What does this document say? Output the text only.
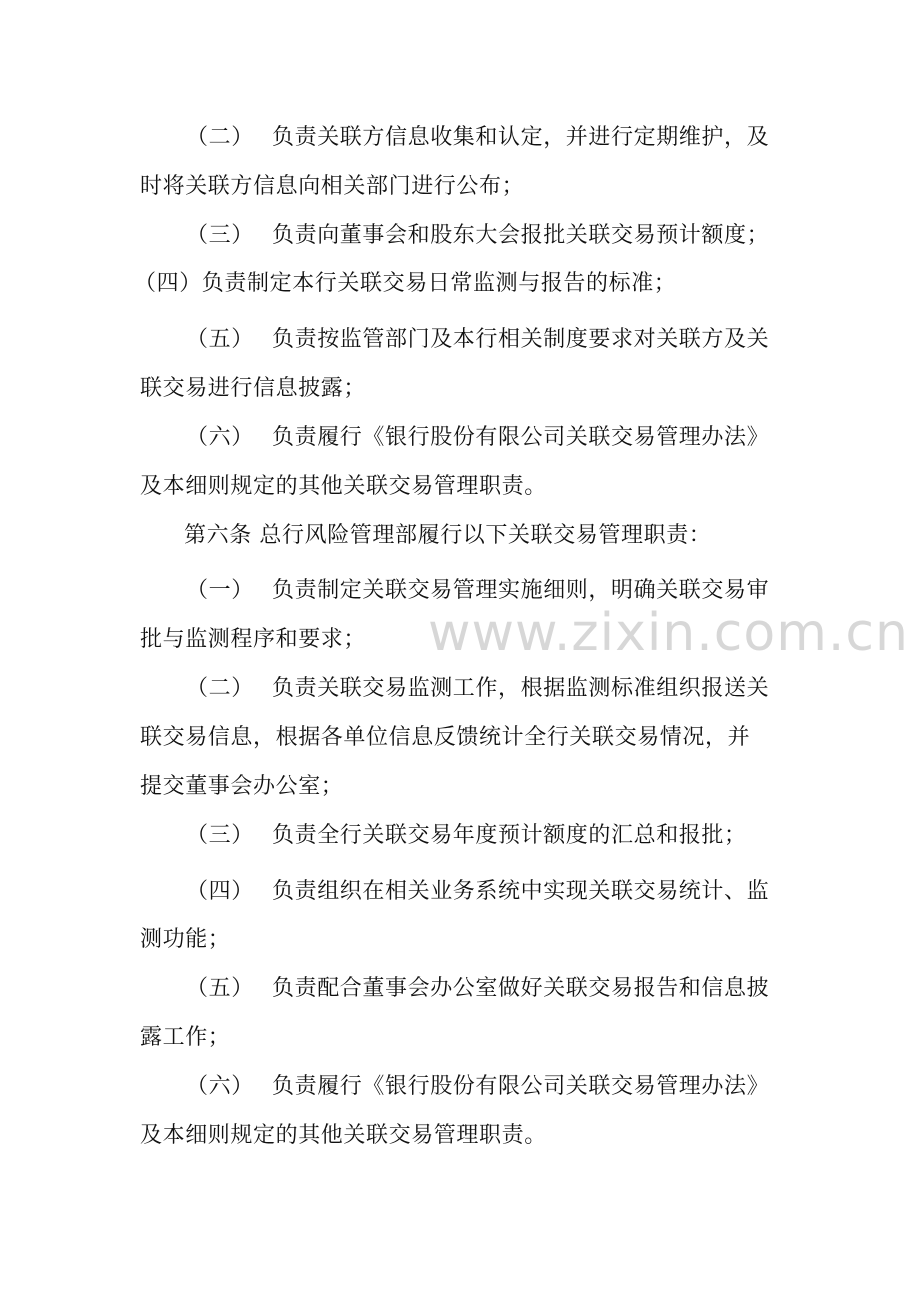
（二） 负责关联方信息收集和认定，并进行定期维护，及
时将关联方信息向相关部门进行公布；
（三） 负责向董事会和股东大会报批关联交易预计额度；
（四）负责制定本行关联交易日常监测与报告的标准；
（五） 负责按监管部门及本行相关制度要求对关联方及关
联交易进行信息披露；
（六） 负责履行《银行股份有限公司关联交易管理办法》
及本细则规定的其他关联交易管理职责。
第六条 总行风险管理部履行以下关联交易管理职责：
（一） 负责制定关联交易管理实施细则，明确关联交易审
批与监测程序和要求；
（二） 负责关联交易监测工作，根据监测标准组织报送关
联交易信息，根据各单位信息反馈统计全行关联交易情况，并
提交董事会办公室；
（三） 负责全行关联交易年度预计额度的汇总和报批；
（四） 负责组织在相关业务系统中实现关联交易统计、监
测功能；
（五） 负责配合董事会办公室做好关联交易报告和信息披
露工作；
（六） 负责履行《银行股份有限公司关联交易管理办法》
及本细则规定的其他关联交易管理职责。
www.zixin.com.cn
